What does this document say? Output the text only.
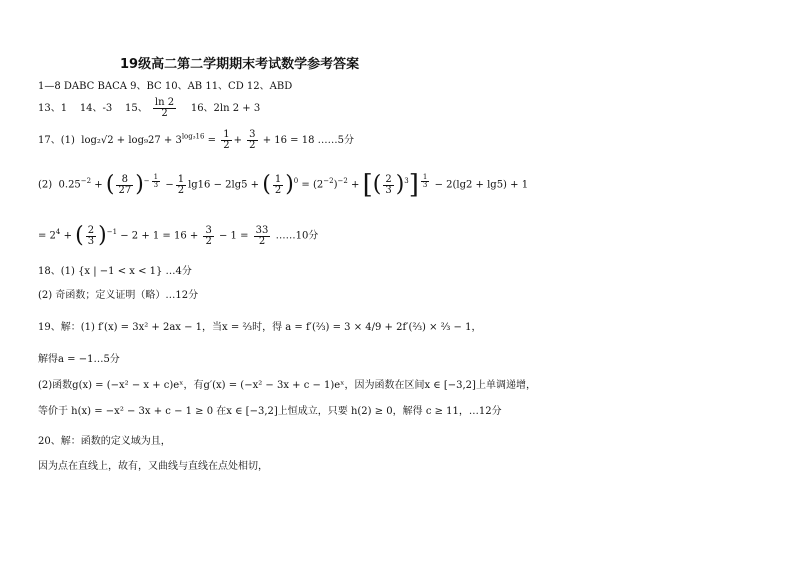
19级高二第二学期期末考试数学参考答案
1—8 DABC BACA 9、BC 10、AB 11、CD 12、ABD
13、1 14、-3 15、 $\frac{\ln 2}{2} 16$、2ln 2 + 3
17、(1) $\log_2√2 + \log_927 + 3^{log_316} = \frac{1}{2} + \frac{3}{2} + 16 = 18$ ……5分
(2) $0.25^{-2}$ + ( $\frac{8}{27} )^{- \frac{1}{3}} - \frac{1}{2} \lg 16 - 2\lg 5$ + ( $\frac{1}{2} )^0 = (2^{-2})^{-2}$ + [( $\frac{2}{3} )^3$] $^{\frac{1}{3}}$ − 2(lg2 + lg5) + 1
= $2^4$ + ( $\frac{2}{3} )^{-1} - 2 + 1 = 16 + \frac{3}{2} - 1 = \frac{33}{2}$ ……10分
18、(1) {x | −1 < x < 1} …4分
(2) 奇函数；定义证明（略）…12分
19、解：(1) f′(x) = 3x² + 2ax − 1，当x = ⅔时，得 a = f′(⅔) = 3 × 4/9 + 2f′(⅔) × ⅔ − 1，
解得a = −1…5分
(2)函数g(x) = (−x² − x + c)eˣ，有g′(x) = (−x² − 3x + c − 1)eˣ，因为函数在区间x ∈ [−3,2]上单调递增，
等价于 h(x) = −x² − 3x + c − 1 ≥ 0 在x ∈ [−3,2]上恒成立，只要 h(2) ≥ 0，解得 c ≥ 11，…12分
20、解：函数的定义域为且，
因为点在直线上，故有，又曲线与直线在点处相切，
